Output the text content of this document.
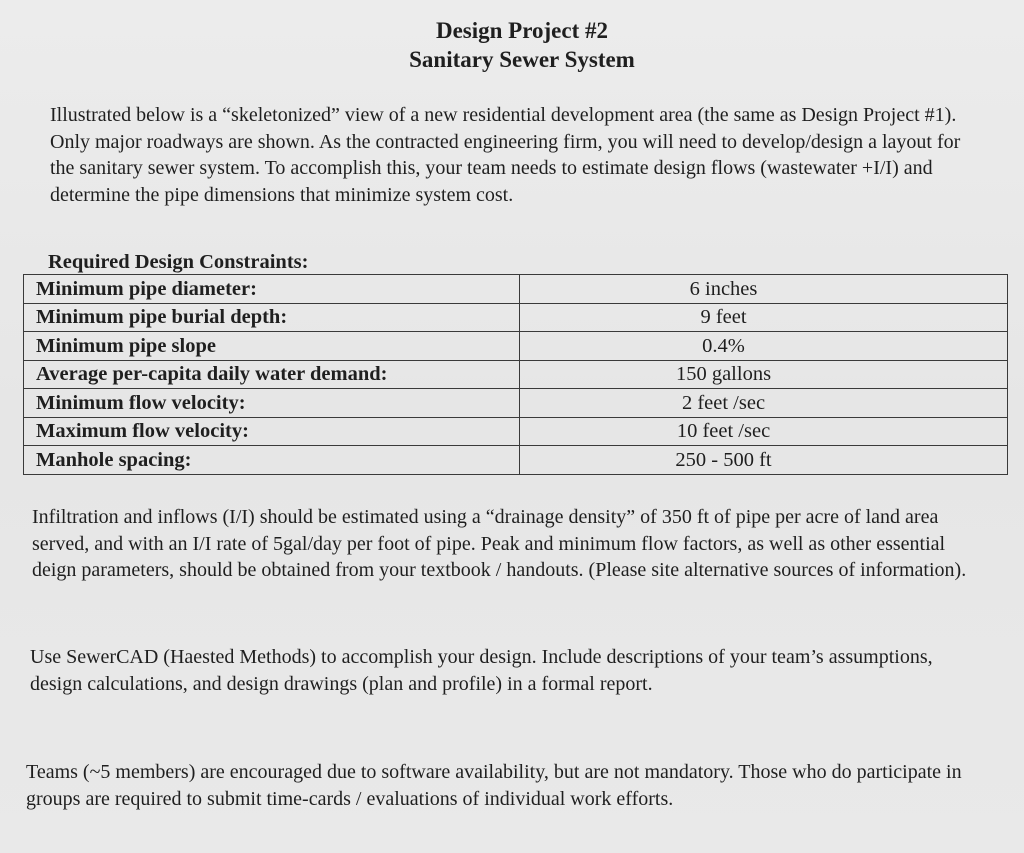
Design Project #2
Sanitary Sewer System

Illustrated below is a “skeletonized” view of a new residential development area (the same as Design Project #1). Only major roadways are shown. As the contracted engineering firm, you will need to develop/design a layout for the sanitary sewer system. To accomplish this, your team needs to estimate design flows (wastewater +I/I) and determine the pipe dimensions that minimize system cost.

Required Design Constraints:
Minimum pipe diameter:	6 inches
Minimum pipe burial depth:	9 feet
Minimum pipe slope	0.4%
Average per-capita daily water demand:	150 gallons
Minimum flow velocity:	2 feet /sec
Maximum flow velocity:	10 feet /sec
Manhole spacing:	250 - 500 ft

Infiltration and inflows (I/I) should be estimated using a “drainage density” of 350 ft of pipe per acre of land area served, and with an I/I rate of 5gal/day per foot of pipe. Peak and minimum flow factors, as well as other essential deign parameters, should be obtained from your textbook / handouts. (Please site alternative sources of information).

Use SewerCAD (Haested Methods) to accomplish your design. Include descriptions of your team’s assumptions, design calculations, and design drawings (plan and profile) in a formal report.

Teams (~5 members) are encouraged due to software availability, but are not mandatory. Those who do participate in groups are required to submit time-cards / evaluations of individual work efforts.
